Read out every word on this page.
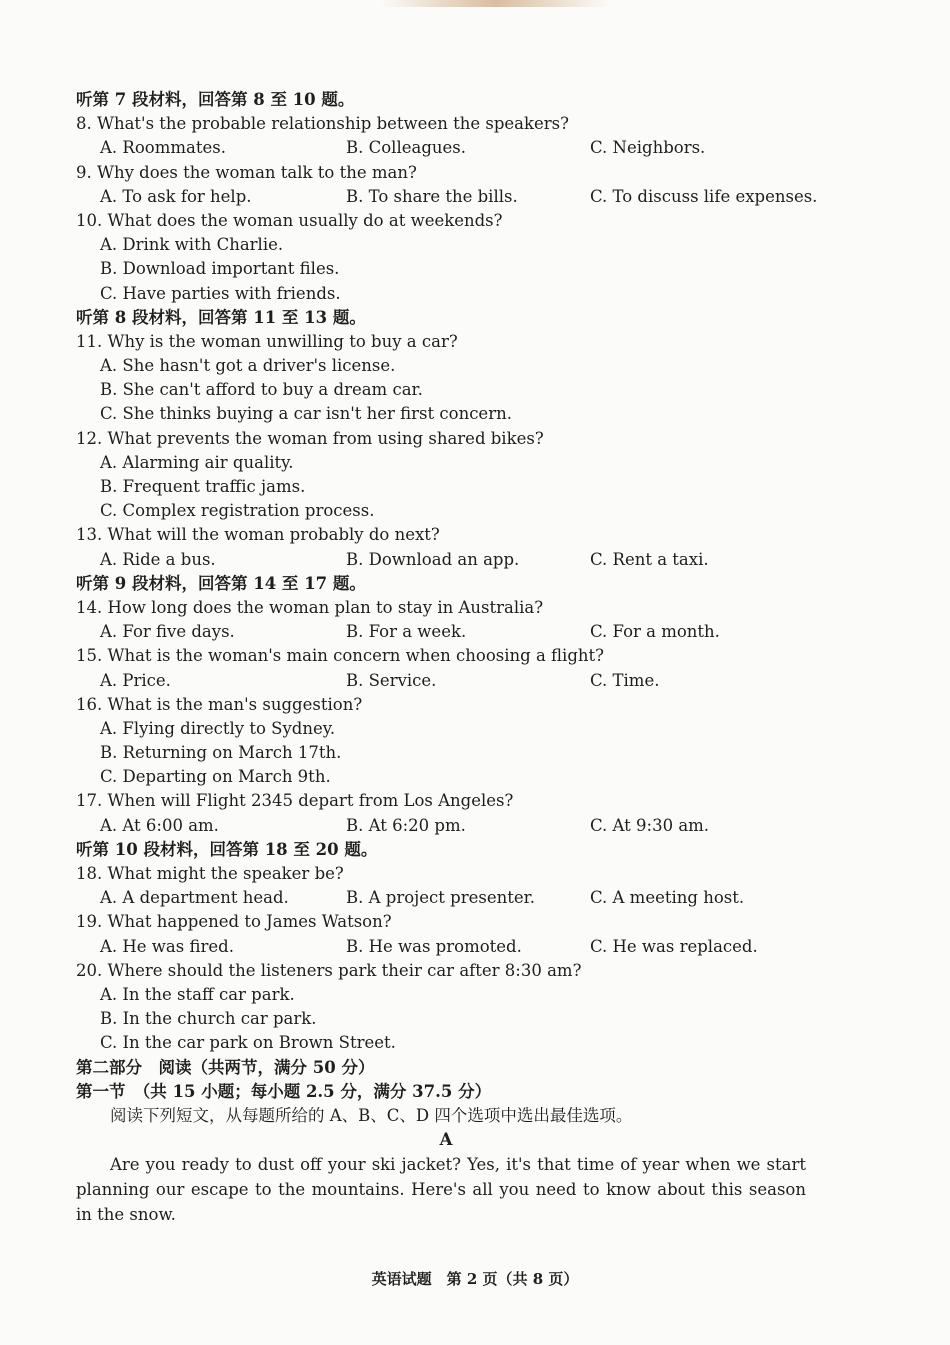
听第 7 段材料，回答第 8 至 10 题。
8. What's the probable relationship between the speakers?
A. Roommates.	B. Colleagues.	C. Neighbors.
9. Why does the woman talk to the man?
A. To ask for help.	B. To share the bills.	C. To discuss life expenses.
10. What does the woman usually do at weekends?
A. Drink with Charlie.
B. Download important files.
C. Have parties with friends.
听第 8 段材料，回答第 11 至 13 题。
11. Why is the woman unwilling to buy a car?
A. She hasn't got a driver's license.
B. She can't afford to buy a dream car.
C. She thinks buying a car isn't her first concern.
12. What prevents the woman from using shared bikes?
A. Alarming air quality.
B. Frequent traffic jams.
C. Complex registration process.
13. What will the woman probably do next?
A. Ride a bus.	B. Download an app.	C. Rent a taxi.
听第 9 段材料，回答第 14 至 17 题。
14. How long does the woman plan to stay in Australia?
A. For five days.	B. For a week.	C. For a month.
15. What is the woman's main concern when choosing a flight?
A. Price.	B. Service.	C. Time.
16. What is the man's suggestion?
A. Flying directly to Sydney.
B. Returning on March 17th.
C. Departing on March 9th.
17. When will Flight 2345 depart from Los Angeles?
A. At 6:00 am.	B. At 6:20 pm.	C. At 9:30 am.
听第 10 段材料，回答第 18 至 20 题。
18. What might the speaker be?
A. A department head.	B. A project presenter.	C. A meeting host.
19. What happened to James Watson?
A. He was fired.	B. He was promoted.	C. He was replaced.
20. Where should the listeners park their car after 8:30 am?
A. In the staff car park.
B. In the church car park.
C. In the car park on Brown Street.
第二部分　阅读（共两节，满分 50 分）
第一节　（共 15 小题；每小题 2.5 分，满分 37.5 分）
阅读下列短文，从每题所给的 A、B、C、D 四个选项中选出最佳选项。
A
Are you ready to dust off your ski jacket? Yes, it's that time of year when we start planning our escape to the mountains. Here's all you need to know about this season in the snow.
英语试题　第 2 页（共 8 页）
